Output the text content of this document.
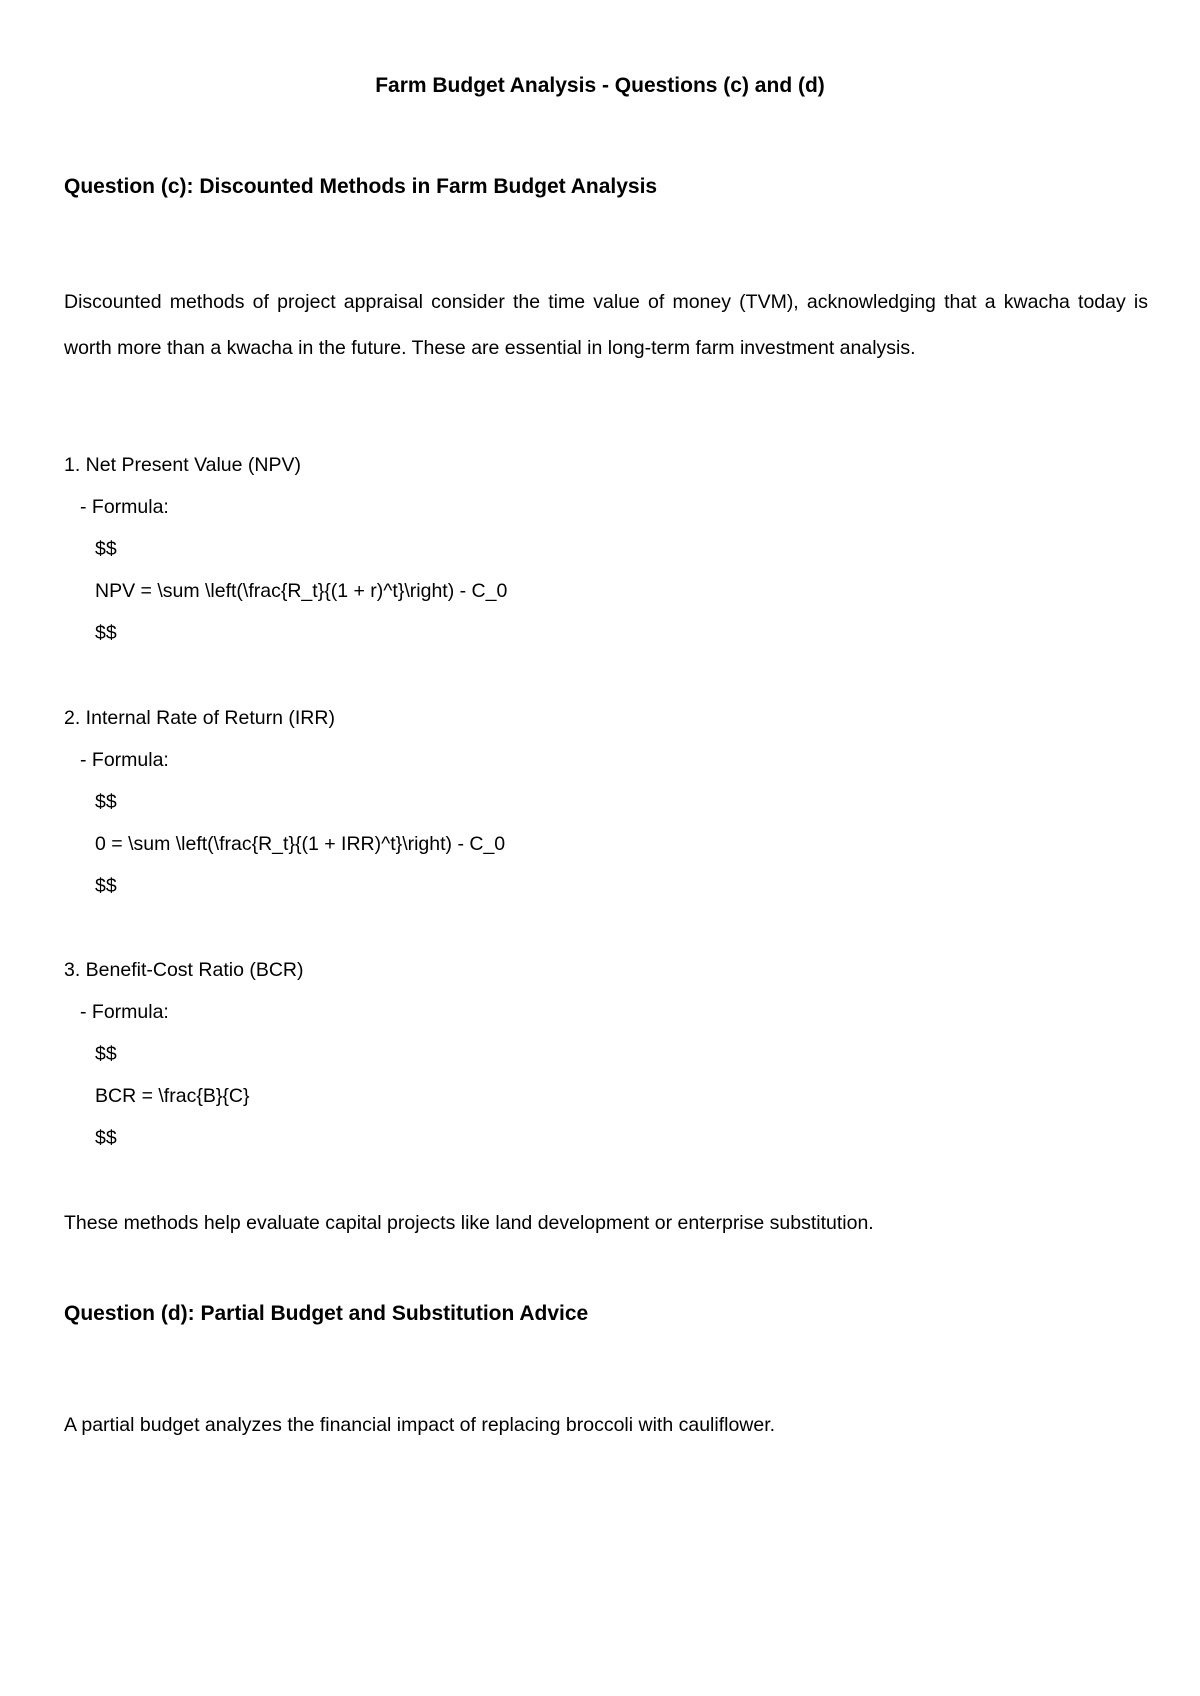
Farm Budget Analysis - Questions (c) and (d)
Question (c): Discounted Methods in Farm Budget Analysis
Discounted methods of project appraisal consider the time value of money (TVM), acknowledging that a kwacha today is worth more than a kwacha in the future. These are essential in long-term farm investment analysis.
1. Net Present Value (NPV)
- Formula:
$$
NPV = \sum \left(\frac{R_t}{(1 + r)^t}\right) - C_0
$$
2. Internal Rate of Return (IRR)
- Formula:
$$
0 = \sum \left(\frac{R_t}{(1 + IRR)^t}\right) - C_0
$$
3. Benefit-Cost Ratio (BCR)
- Formula:
$$
BCR = \frac{B}{C}
$$
These methods help evaluate capital projects like land development or enterprise substitution.
Question (d): Partial Budget and Substitution Advice
A partial budget analyzes the financial impact of replacing broccoli with cauliflower.
